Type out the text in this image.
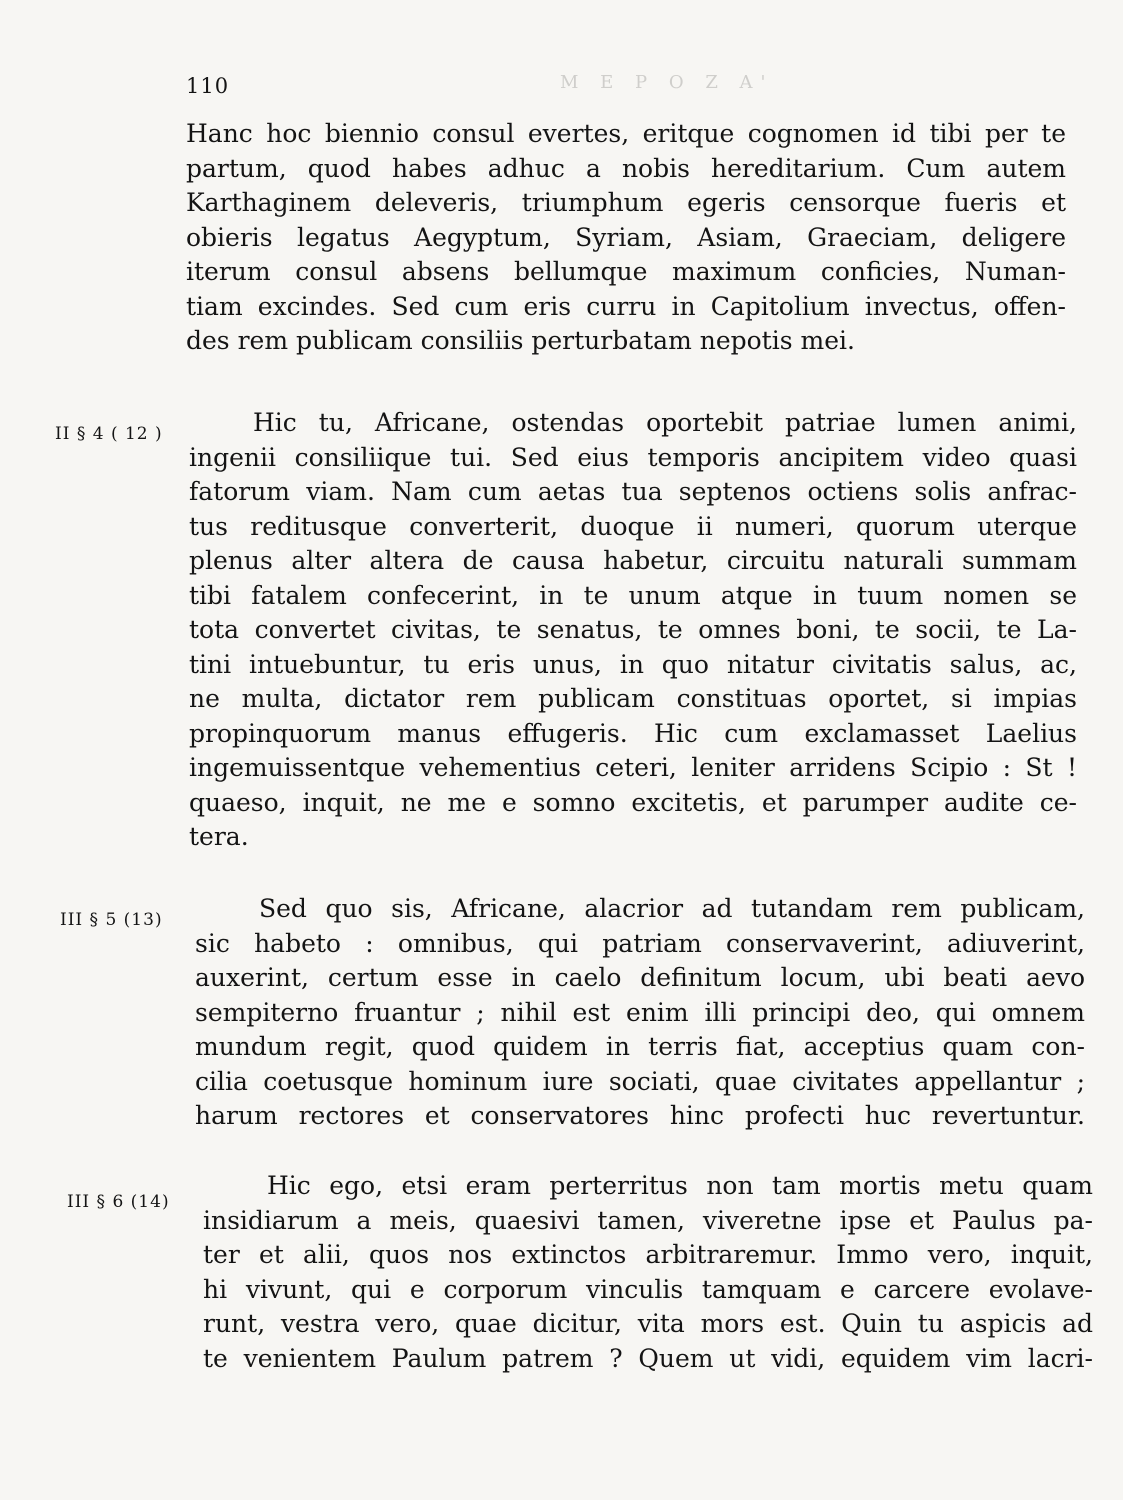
110	M E P O Z A'
Hanc hoc biennio consul evertes, eritque cognomen id tibi per te
partum, quod habes adhuc a nobis hereditarium. Cum autem
Karthaginem deleveris, triumphum egeris censorque fueris et
obieris legatus Aegyptum, Syriam, Asiam, Graeciam, deligere
iterum consul absens bellumque maximum conficies, Numan-
tiam excindes. Sed cum eris curru in Capitolium invectus, offen-
des rem publicam consiliis perturbatam nepotis mei.
II § 4 ( 12 )	Hic tu, Africane, ostendas oportebit patriae lumen animi,
ingenii consiliique tui. Sed eius temporis ancipitem video quasi
fatorum viam. Nam cum aetas tua septenos octiens solis anfrac-
tus reditusque converterit, duoque ii numeri, quorum uterque
plenus alter altera de causa habetur, circuitu naturali summam
tibi fatalem confecerint, in te unum atque in tuum nomen se
tota convertet civitas, te senatus, te omnes boni, te socii, te La-
tini intuebuntur, tu eris unus, in quo nitatur civitatis salus, ac,
ne multa, dictator rem publicam constituas oportet, si impias
propinquorum manus effugeris. Hic cum exclamasset Laelius
ingemuissentque vehementius ceteri, leniter arridens Scipio : St !
quaeso, inquit, ne me e somno excitetis, et parumper audite ce-
tera.
III § 5 (13)	Sed quo sis, Africane, alacrior ad tutandam rem publicam,
sic habeto : omnibus, qui patriam conservaverint, adiuverint,
auxerint, certum esse in caelo definitum locum, ubi beati aevo
sempiterno fruantur ; nihil est enim illi principi deo, qui omnem
mundum regit, quod quidem in terris fiat, acceptius quam con-
cilia coetusque hominum iure sociati, quae civitates appellantur ;
harum rectores et conservatores hinc profecti huc revertuntur.
III § 6 (14)
Hic ego, etsi eram perterritus non tam mortis metu quam
insidiarum a meis, quaesivi tamen, viveretne ipse et Paulus pa-
ter et alii, quos nos extinctos arbitraremur. Immo vero, inquit,
hi vivunt, qui e corporum vinculis tamquam e carcere evolave-
runt, vestra vero, quae dicitur, vita mors est. Quin tu aspicis ad
te venientem Paulum patrem ? Quem ut vidi, equidem vim lacri-
